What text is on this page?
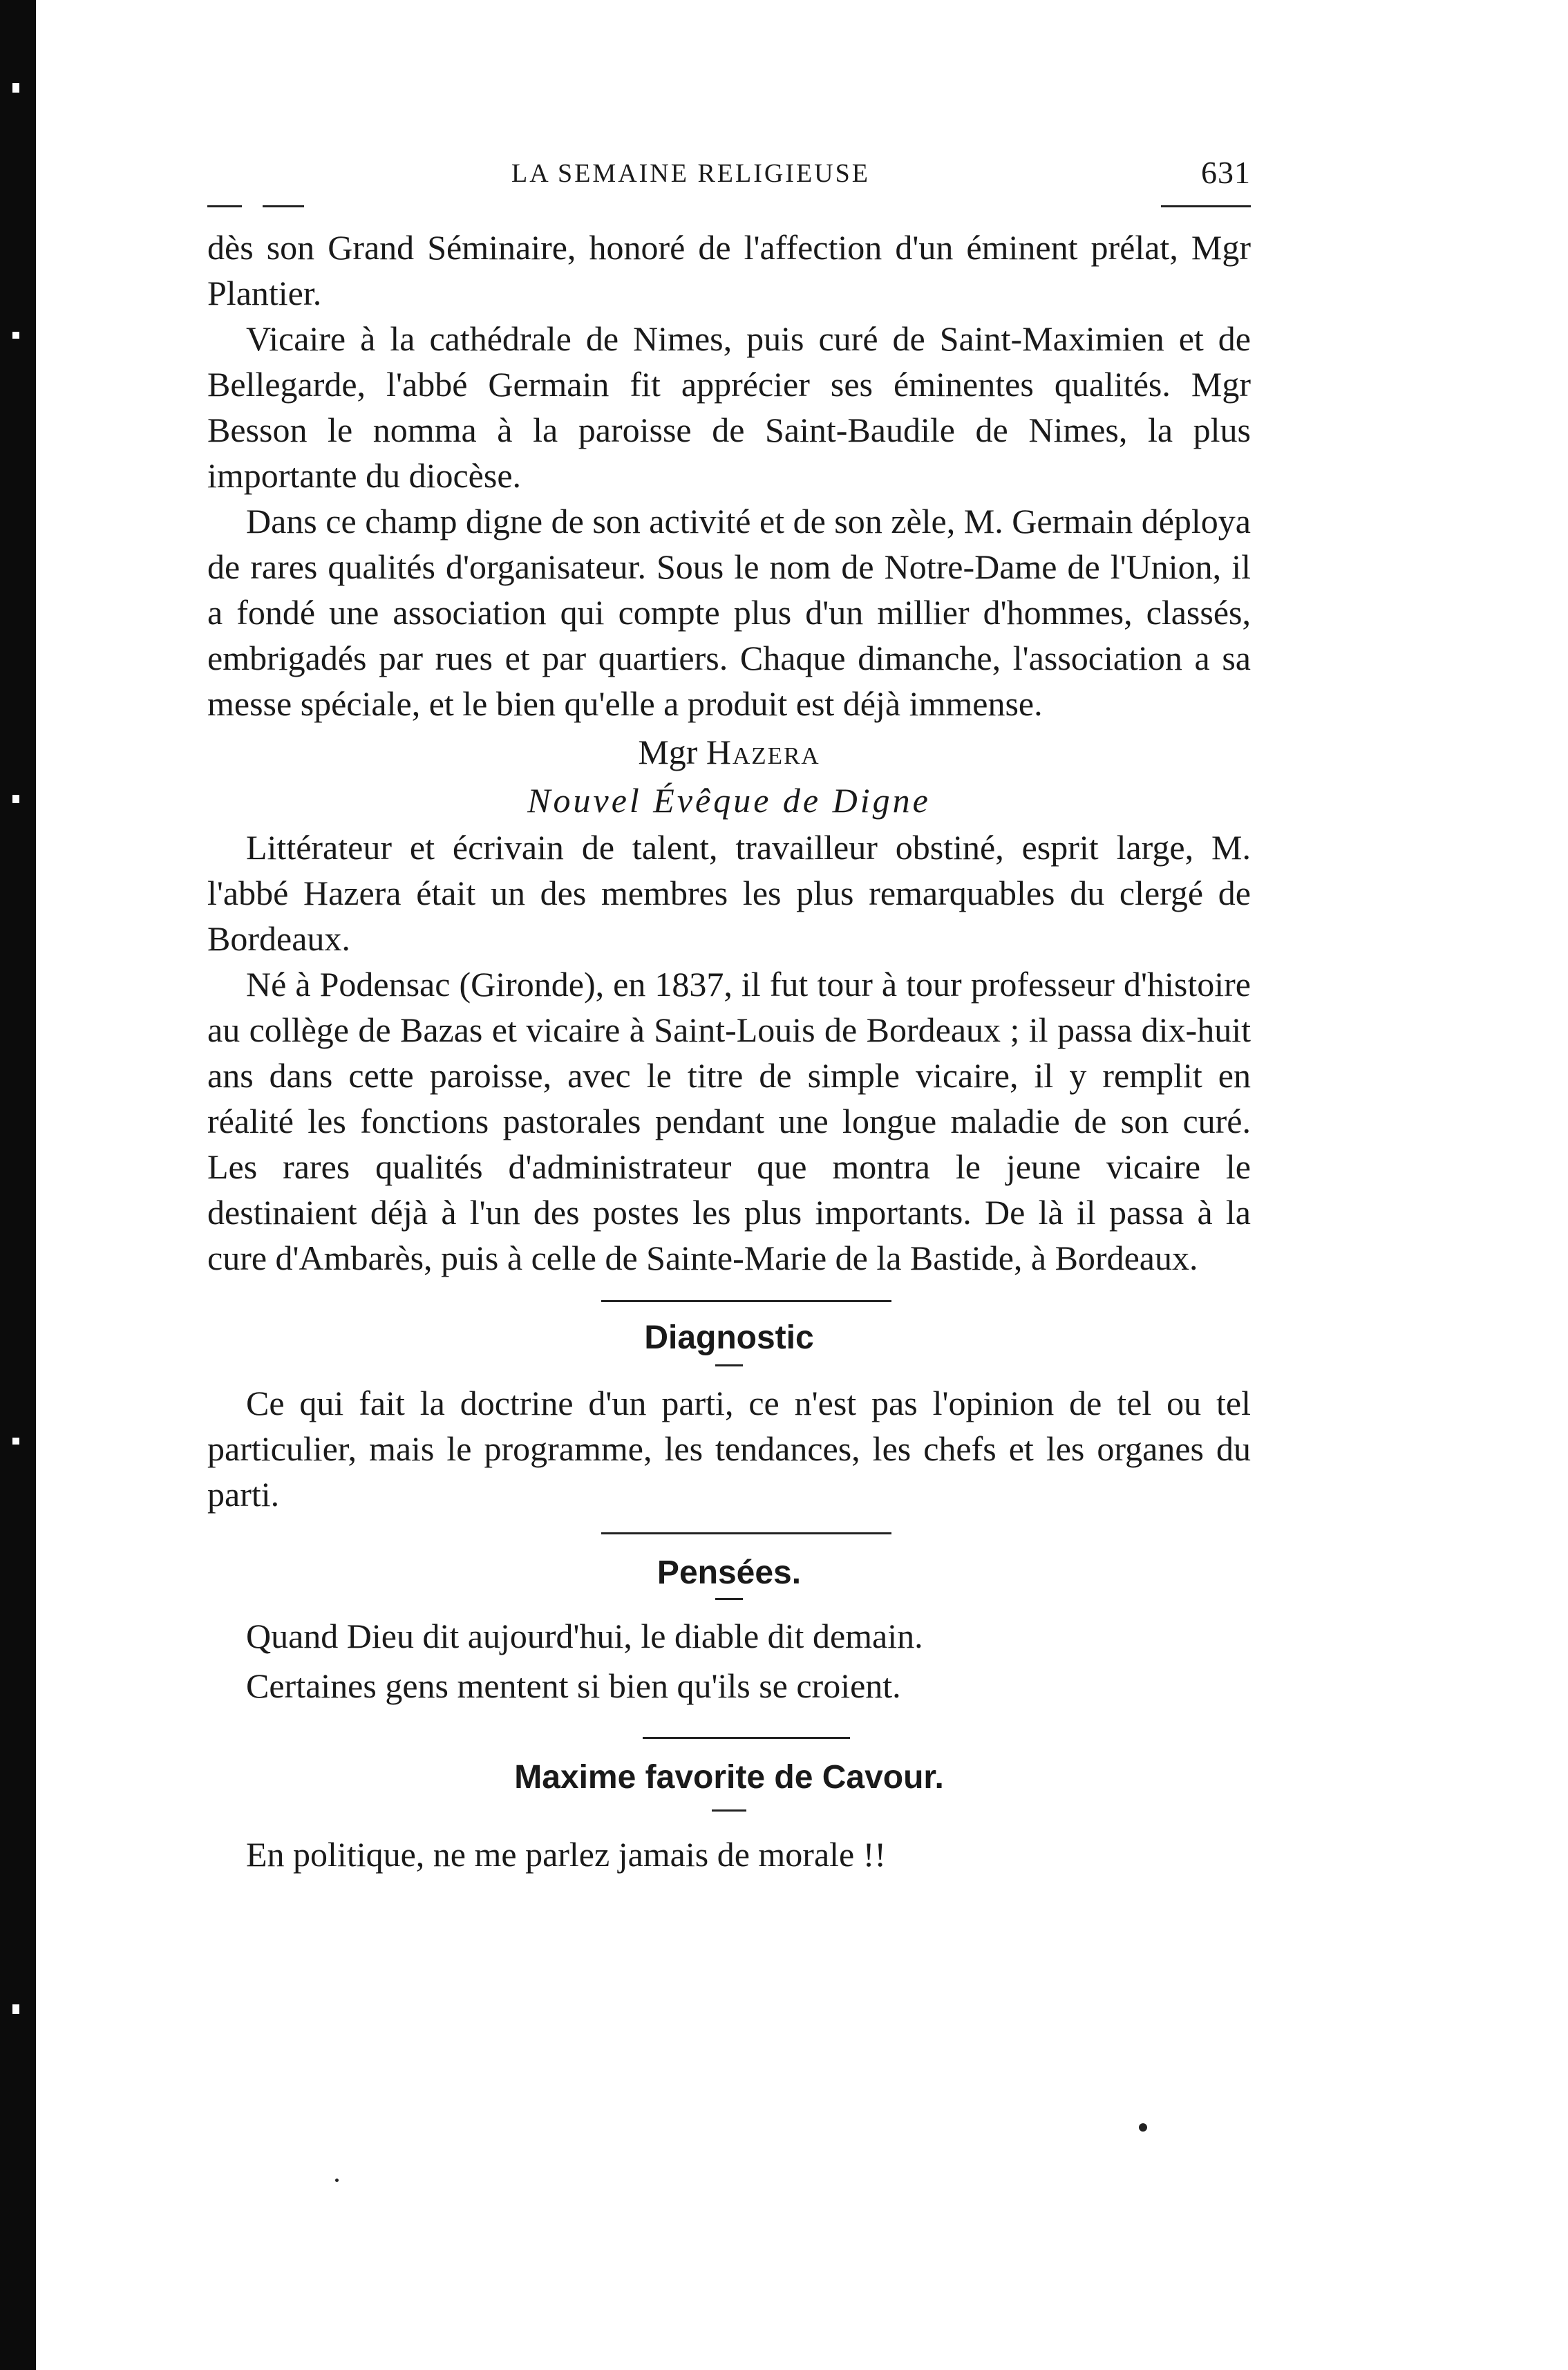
LA SEMAINE RELIGIEUSE	631

dès son Grand Séminaire, honoré de l'affection d'un éminent prélat, Mgr Plantier.

Vicaire à la cathédrale de Nimes, puis curé de Saint-Maximien et de Bellegarde, l'abbé Germain fit apprécier ses éminentes qualités. Mgr Besson le nomma à la paroisse de Saint-Baudile de Nimes, la plus importante du diocèse.

Dans ce champ digne de son activité et de son zèle, M. Germain déploya de rares qualités d'organisateur. Sous le nom de Notre-Dame de l'Union, il a fondé une association qui compte plus d'un millier d'hommes, classés, embrigadés par rues et par quartiers. Chaque dimanche, l'association a sa messe spéciale, et le bien qu'elle a produit est déjà immense.

Mgr Hazera

Nouvel Évêque de Digne

Littérateur et écrivain de talent, travailleur obstiné, esprit large, M. l'abbé Hazera était un des membres les plus remarquables du clergé de Bordeaux.

Né à Podensac (Gironde), en 1837, il fut tour à tour professeur d'histoire au collège de Bazas et vicaire à Saint-Louis de Bordeaux ; il passa dix-huit ans dans cette paroisse, avec le titre de simple vicaire, il y remplit en réalité les fonctions pastorales pendant une longue maladie de son curé. Les rares qualités d'administrateur que montra le jeune vicaire le destinaient déjà à l'un des postes les plus importants. De là il passa à la cure d'Ambarès, puis à celle de Sainte-Marie de la Bastide, à Bordeaux.

Diagnostic

Ce qui fait la doctrine d'un parti, ce n'est pas l'opinion de tel ou tel particulier, mais le programme, les tendances, les chefs et les organes du parti.

Pensées.

Quand Dieu dit aujourd'hui, le diable dit demain.

Certaines gens mentent si bien qu'ils se croient.

Maxime favorite de Cavour.

En politique, ne me parlez jamais de morale !!
